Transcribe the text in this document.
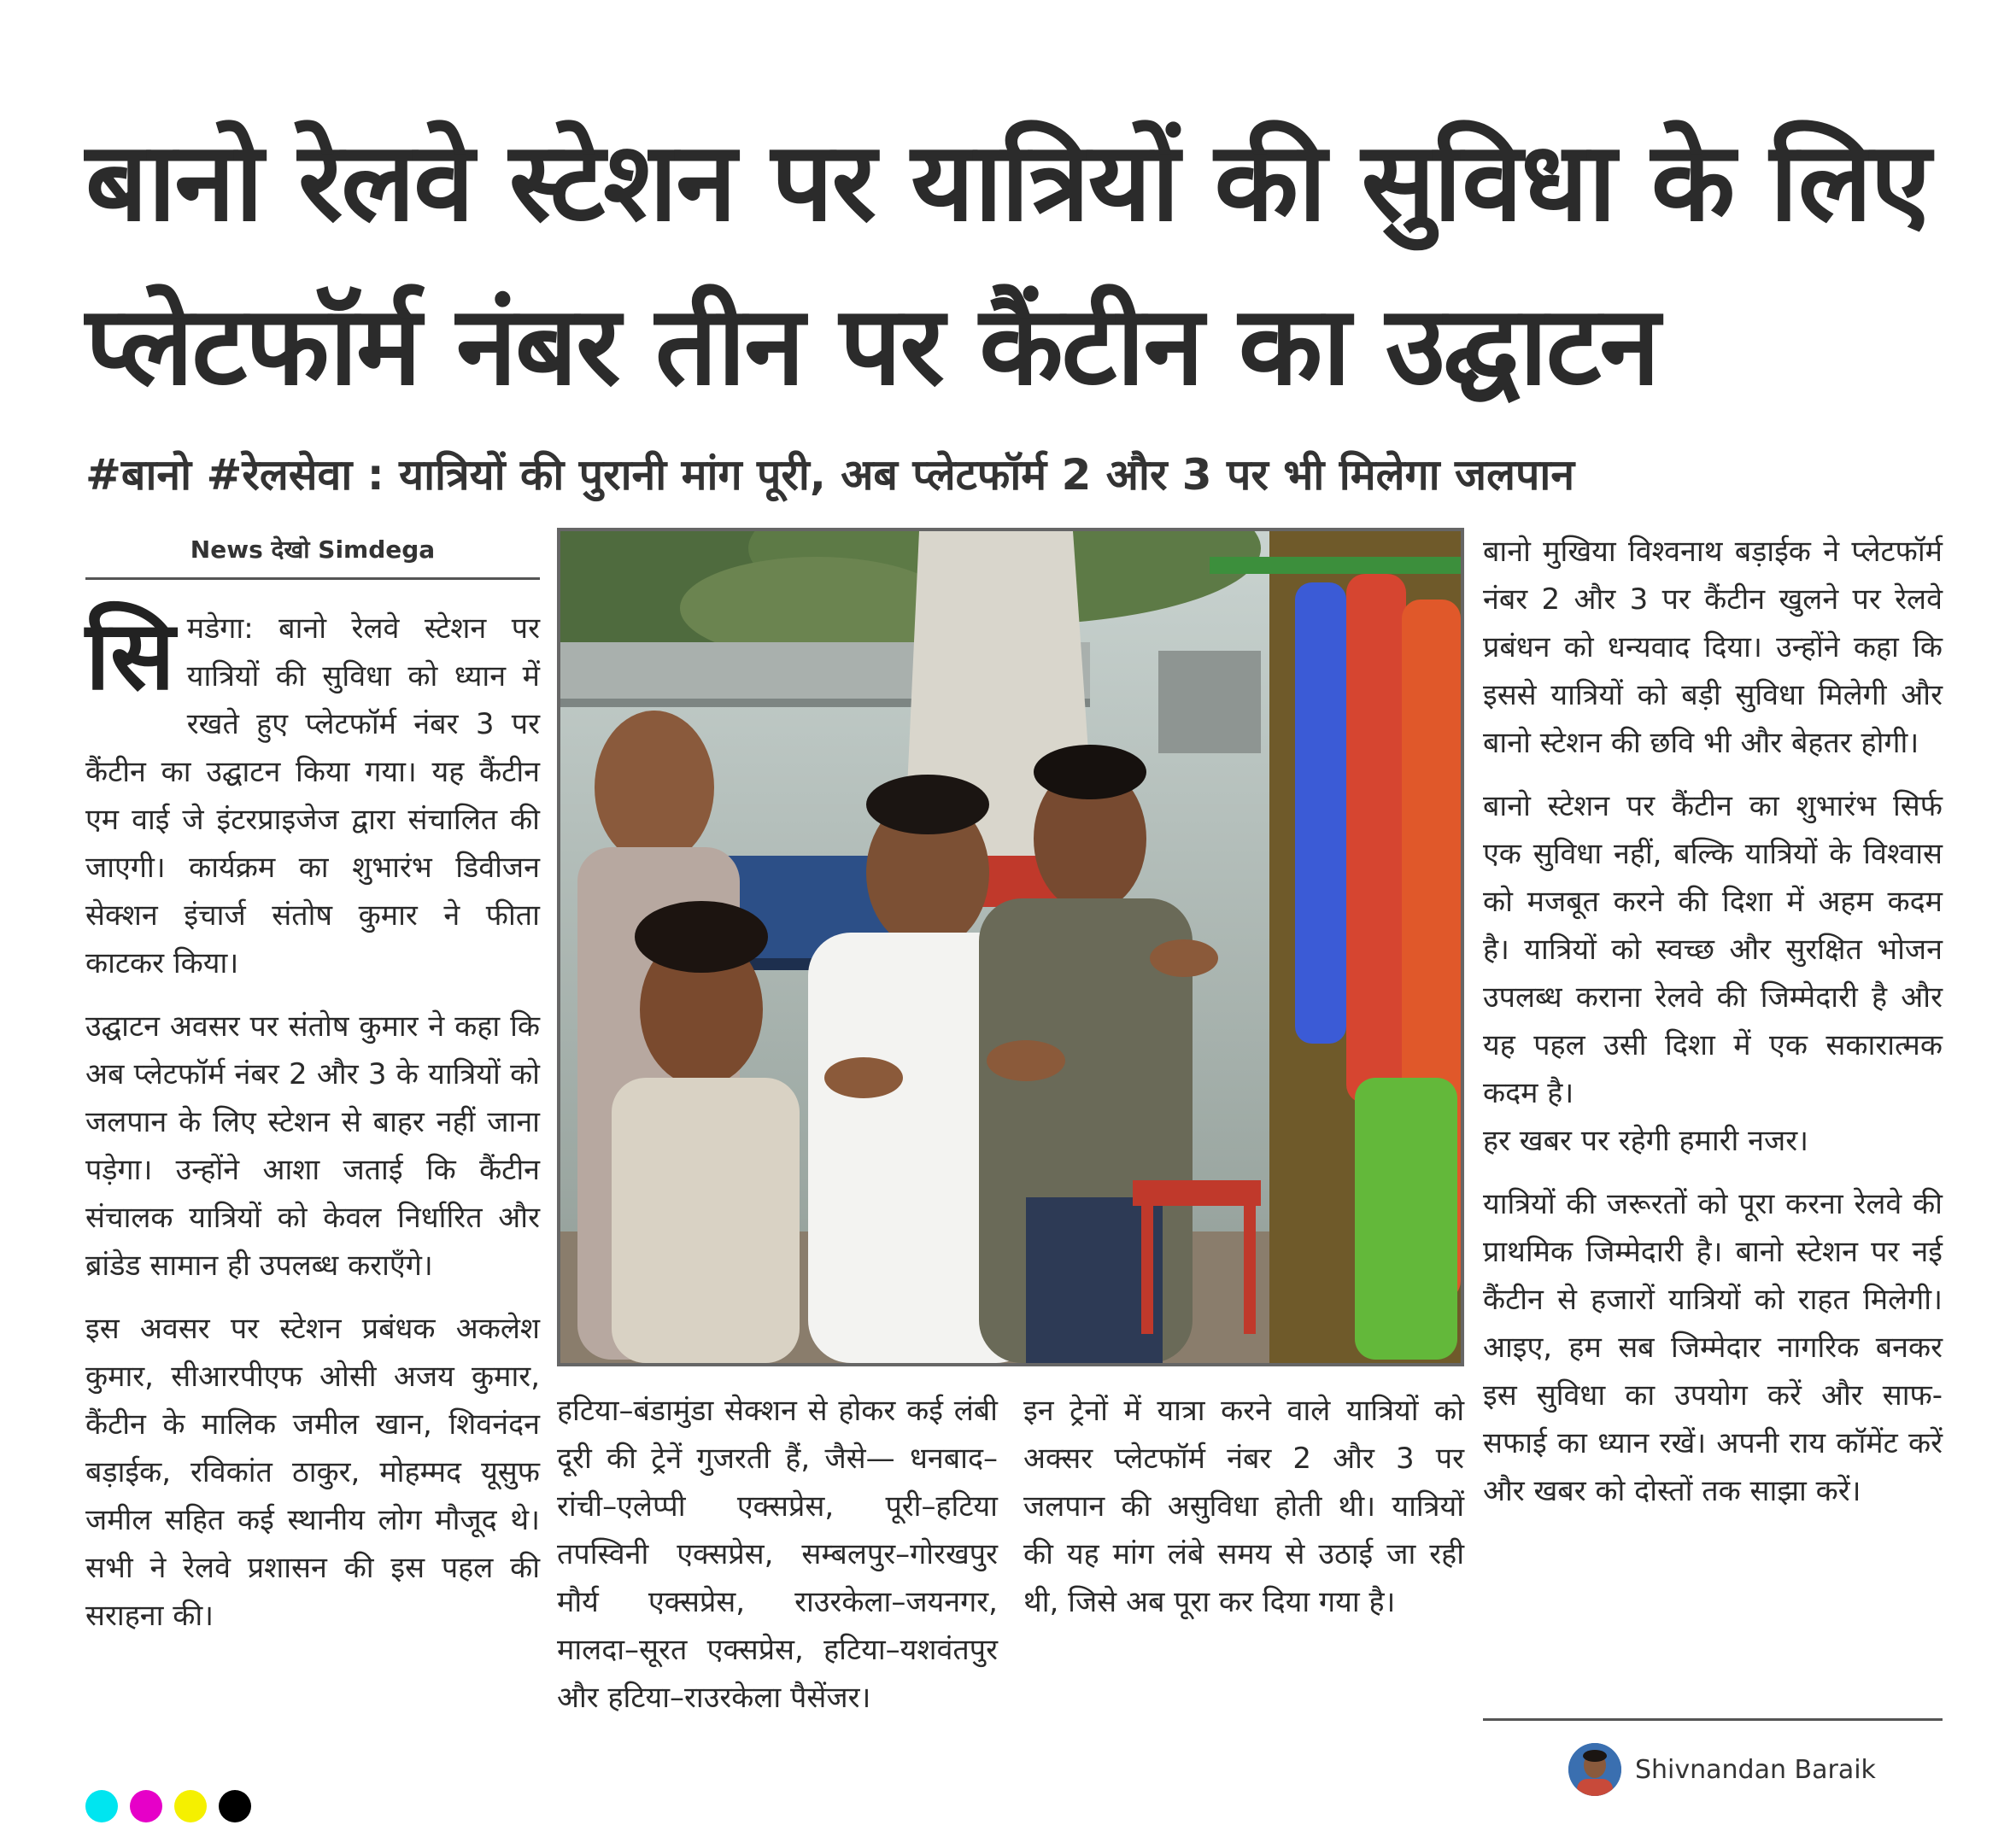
बानो रेलवे स्टेशन पर यात्रियों की सुविधा के लिए
प्लेटफॉर्म नंबर तीन पर कैंटीन का उद्घाटन
#बानो #रेलसेवा : यात्रियों की पुरानी मांग पूरी, अब प्लेटफॉर्म 2 और 3 पर भी मिलेगा जलपान
News देखो Simdega

सि मडेगा: बानो रेलवे स्टेशन पर यात्रियों की सुविधा को ध्यान में रखते हुए प्लेटफॉर्म नंबर 3 पर कैंटीन का उद्घाटन किया गया। यह कैंटीन एम वाई जे इंटरप्राइजेज द्वारा संचालित की जाएगी। कार्यक्रम का शुभारंभ डिवीजन सेक्शन इंचार्ज संतोष कुमार ने फीता काटकर किया।

उद्घाटन अवसर पर संतोष कुमार ने कहा कि अब प्लेटफॉर्म नंबर 2 और 3 के यात्रियों को जलपान के लिए स्टेशन से बाहर नहीं जाना पड़ेगा। उन्होंने आशा जताई कि कैंटीन संचालक यात्रियों को केवल निर्धारित और ब्रांडेड सामान ही उपलब्ध कराएँगे।

इस अवसर पर स्टेशन प्रबंधक अकलेश कुमार, सीआरपीएफ ओसी अजय कुमार, कैंटीन के मालिक जमील खान, शिवनंदन बड़ाईक, रविकांत ठाकुर, मोहम्मद यूसुफ जमील सहित कई स्थानीय लोग मौजूद थे। सभी ने रेलवे प्रशासन की इस पहल की सराहना की।

हटिया–बंडामुंडा सेक्शन से होकर कई लंबी दूरी की ट्रेनें गुजरती हैं, जैसे— धनबाद–रांची–एलेप्पी एक्सप्रेस, पूरी–हटिया तपस्विनी एक्सप्रेस, सम्बलपुर–गोरखपुर मौर्य एक्सप्रेस, राउरकेला–जयनगर, मालदा–सूरत एक्सप्रेस, हटिया–यशवंतपुर और हटिया–राउरकेला पैसेंजर।

इन ट्रेनों में यात्रा करने वाले यात्रियों को अक्सर प्लेटफॉर्म नंबर 2 और 3 पर जलपान की असुविधा होती थी। यात्रियों की यह मांग लंबे समय से उठाई जा रही थी, जिसे अब पूरा कर दिया गया है।

बानो मुखिया विश्वनाथ बड़ाईक ने प्लेटफॉर्म नंबर 2 और 3 पर कैंटीन खुलने पर रेलवे प्रबंधन को धन्यवाद दिया। उन्होंने कहा कि इससे यात्रियों को बड़ी सुविधा मिलेगी और बानो स्टेशन की छवि भी और बेहतर होगी।

बानो स्टेशन पर कैंटीन का शुभारंभ सिर्फ एक सुविधा नहीं, बल्कि यात्रियों के विश्वास को मजबूत करने की दिशा में अहम कदम है। यात्रियों को स्वच्छ और सुरक्षित भोजन उपलब्ध कराना रेलवे की जिम्मेदारी है और यह पहल उसी दिशा में एक सकारात्मक कदम है।

हर खबर पर रहेगी हमारी नजर।

यात्रियों की जरूरतों को पूरा करना रेलवे की प्राथमिक जिम्मेदारी है। बानो स्टेशन पर नई कैंटीन से हजारों यात्रियों को राहत मिलेगी। आइए, हम सब जिम्मेदार नागरिक बनकर इस सुविधा का उपयोग करें और साफ-सफाई का ध्यान रखें। अपनी राय कॉमेंट करें और खबर को दोस्तों तक साझा करें।

Shivnandan Baraik
